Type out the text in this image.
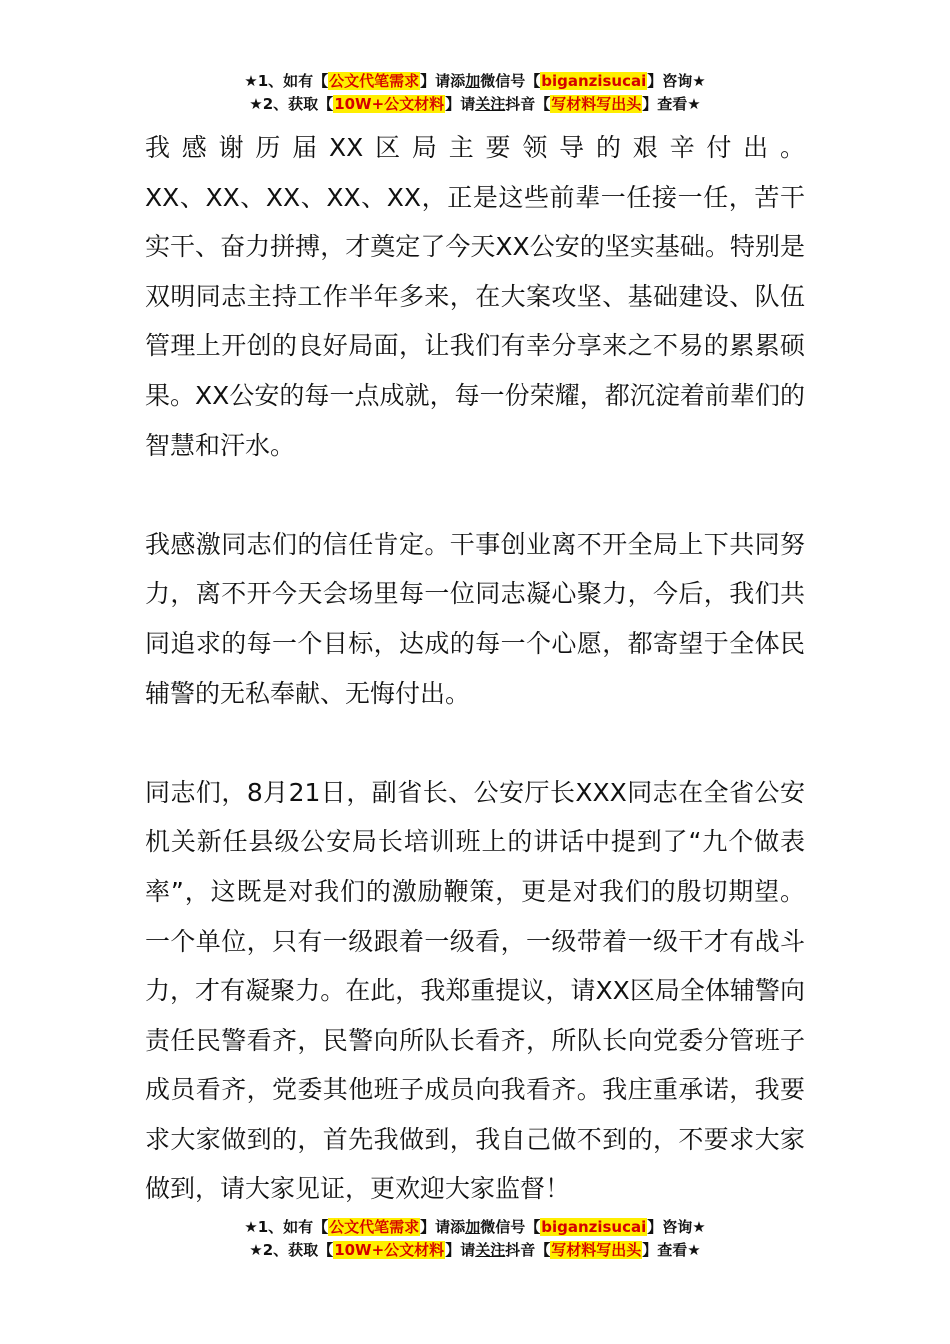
★1、如有【公文代笔需求】请添加微信号【biganzisucai】咨询★
★2、获取【10W+公文材料】请关注抖音【写材料写出头】查看★

我感谢历届XX区局主要领导的艰辛付出。

XX、XX、XX、XX、XX，正是这些前辈一任接一任，苦干实干、奋力拼搏，才奠定了今天XX公安的坚实基础。特别是双明同志主持工作半年多来，在大案攻坚、基础建设、队伍管理上开创的良好局面，让我们有幸分享来之不易的累累硕果。XX公安的每一点成就，每一份荣耀，都沉淀着前辈们的智慧和汗水。

我感激同志们的信任肯定。干事创业离不开全局上下共同努力，离不开今天会场里每一位同志凝心聚力，今后，我们共同追求的每一个目标，达成的每一个心愿，都寄望于全体民辅警的无私奉献、无悔付出。

同志们，8月21日，副省长、公安厅长XXX同志在全省公安机关新任县级公安局长培训班上的讲话中提到了“九个做表率”，这既是对我们的激励鞭策，更是对我们的殷切期望。一个单位，只有一级跟着一级看，一级带着一级干才有战斗力，才有凝聚力。在此，我郑重提议，请XX区局全体辅警向责任民警看齐，民警向所队长看齐，所队长向党委分管班子成员看齐，党委其他班子成员向我看齐。我庄重承诺，我要求大家做到的，首先我做到，我自己做不到的，不要求大家做到，请大家见证，更欢迎大家监督！

★1、如有【公文代笔需求】请添加微信号【biganzisucai】咨询★
★2、获取【10W+公文材料】请关注抖音【写材料写出头】查看★
